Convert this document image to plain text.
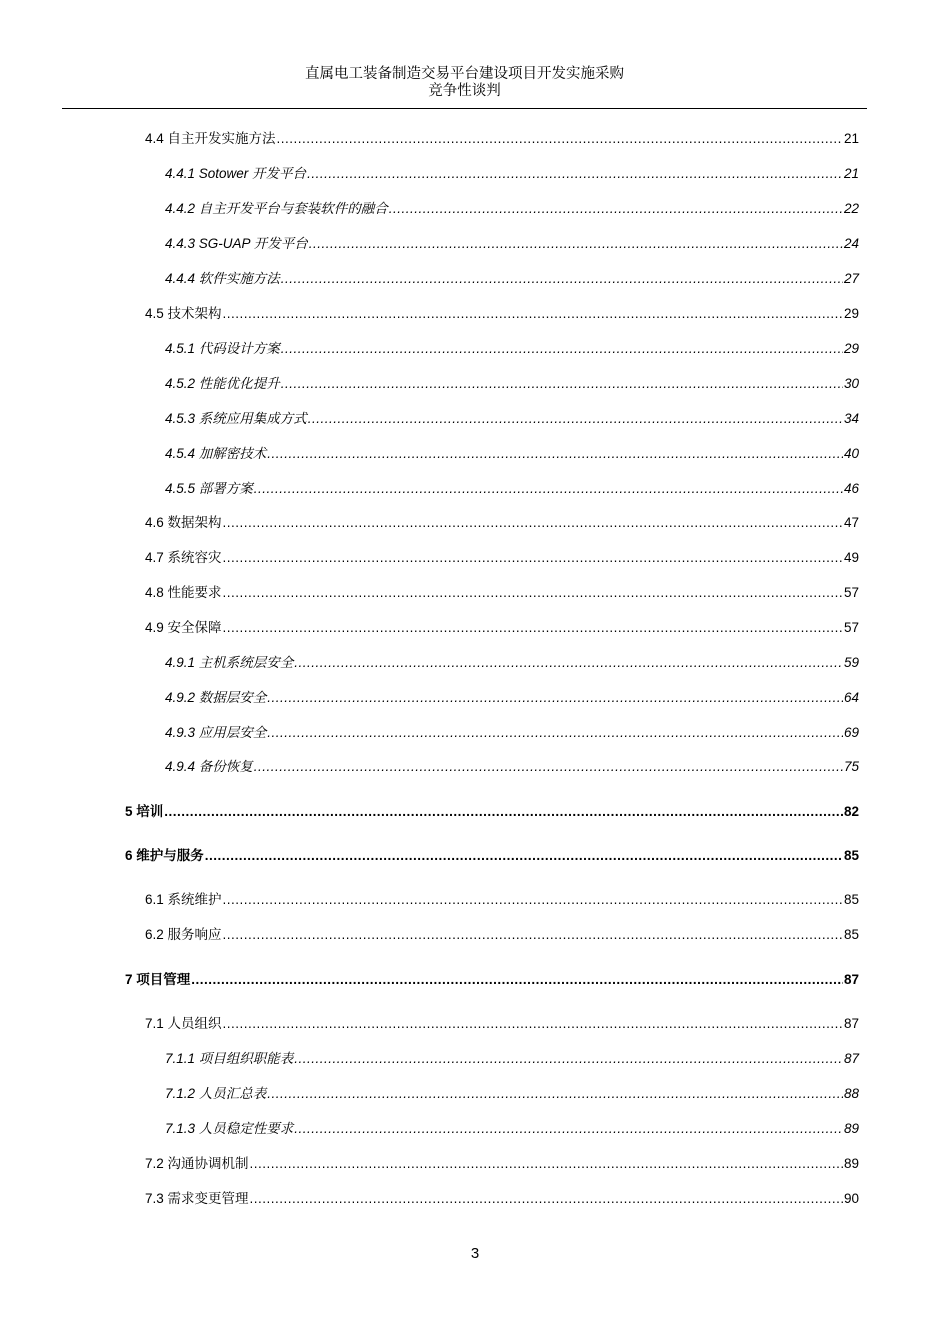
直属电工装备制造交易平台建设项目开发实施采购
竞争性谈判
4.4 自主开发实施方法 .....	21
4.4.1 Sotower 开发平台 .....	21
4.4.2 自主开发平台与套装软件的融合 .....	22
4.4.3 SG-UAP 开发平台 .....	24
4.4.4 软件实施方法 .....	27
4.5 技术架构 .....	29
4.5.1 代码设计方案 .....	29
4.5.2 性能优化提升 .....	30
4.5.3 系统应用集成方式 .....	34
4.5.4 加解密技术 .....	40
4.5.5 部署方案 .....	46
4.6 数据架构 .....	47
4.7 系统容灾 .....	49
4.8 性能要求 .....	57
4.9 安全保障 .....	57
4.9.1 主机系统层安全 .....	59
4.9.2 数据层安全 .....	64
4.9.3 应用层安全 .....	69
4.9.4 备份恢复 .....	75
5 培训 .....	82
6 维护与服务 .....	85
6.1 系统维护 .....	85
6.2 服务响应 .....	85
7 项目管理 .....	87
7.1 人员组织 .....	87
7.1.1 项目组织职能表 .....	87
7.1.2 人员汇总表 .....	88
7.1.3 人员稳定性要求 .....	89
7.2 沟通协调机制 .....	89
7.3 需求变更管理 .....	90
3
